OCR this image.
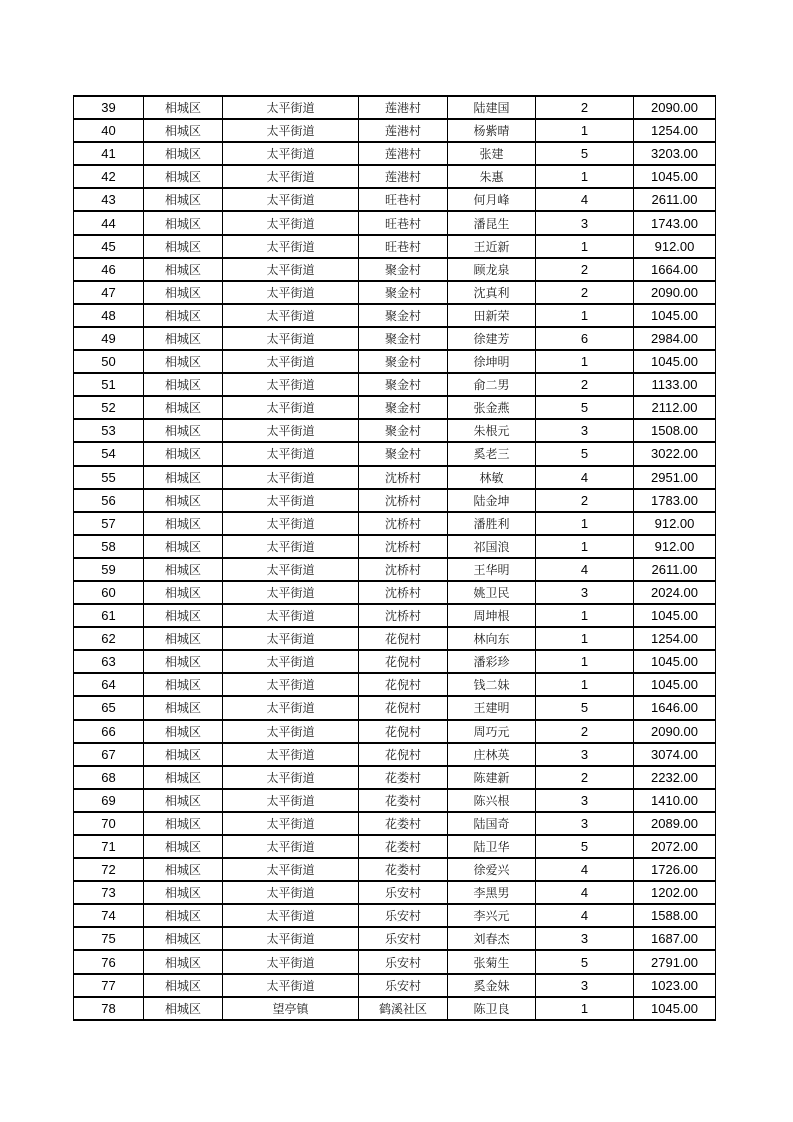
39	相城区	太平街道	莲港村	陆建国	2	2090.00
40	相城区	太平街道	莲港村	杨紫晴	1	1254.00
41	相城区	太平街道	莲港村	张建	5	3203.00
42	相城区	太平街道	莲港村	朱惠	1	1045.00
43	相城区	太平街道	旺巷村	何月峰	4	2611.00
44	相城区	太平街道	旺巷村	潘昆生	3	1743.00
45	相城区	太平街道	旺巷村	王近新	1	912.00
46	相城区	太平街道	聚金村	顾龙泉	2	1664.00
47	相城区	太平街道	聚金村	沈真利	2	2090.00
48	相城区	太平街道	聚金村	田新荣	1	1045.00
49	相城区	太平街道	聚金村	徐建芳	6	2984.00
50	相城区	太平街道	聚金村	徐坤明	1	1045.00
51	相城区	太平街道	聚金村	俞二男	2	1133.00
52	相城区	太平街道	聚金村	张金燕	5	2112.00
53	相城区	太平街道	聚金村	朱根元	3	1508.00
54	相城区	太平街道	聚金村	奚老三	5	3022.00
55	相城区	太平街道	沈桥村	林敏	4	2951.00
56	相城区	太平街道	沈桥村	陆金坤	2	1783.00
57	相城区	太平街道	沈桥村	潘胜利	1	912.00
58	相城区	太平街道	沈桥村	祁国浪	1	912.00
59	相城区	太平街道	沈桥村	王华明	4	2611.00
60	相城区	太平街道	沈桥村	姚卫民	3	2024.00
61	相城区	太平街道	沈桥村	周坤根	1	1045.00
62	相城区	太平街道	花倪村	林向东	1	1254.00
63	相城区	太平街道	花倪村	潘彩珍	1	1045.00
64	相城区	太平街道	花倪村	钱二妹	1	1045.00
65	相城区	太平街道	花倪村	王建明	5	1646.00
66	相城区	太平街道	花倪村	周巧元	2	2090.00
67	相城区	太平街道	花倪村	庄林英	3	3074.00
68	相城区	太平街道	花娄村	陈建新	2	2232.00
69	相城区	太平街道	花娄村	陈兴根	3	1410.00
70	相城区	太平街道	花娄村	陆国奇	3	2089.00
71	相城区	太平街道	花娄村	陆卫华	5	2072.00
72	相城区	太平街道	花娄村	徐爱兴	4	1726.00
73	相城区	太平街道	乐安村	李黑男	4	1202.00
74	相城区	太平街道	乐安村	李兴元	4	1588.00
75	相城区	太平街道	乐安村	刘春杰	3	1687.00
76	相城区	太平街道	乐安村	张菊生	5	2791.00
77	相城区	太平街道	乐安村	奚金妹	3	1023.00
78	相城区	望亭镇	鹤溪社区	陈卫良	1	1045.00
